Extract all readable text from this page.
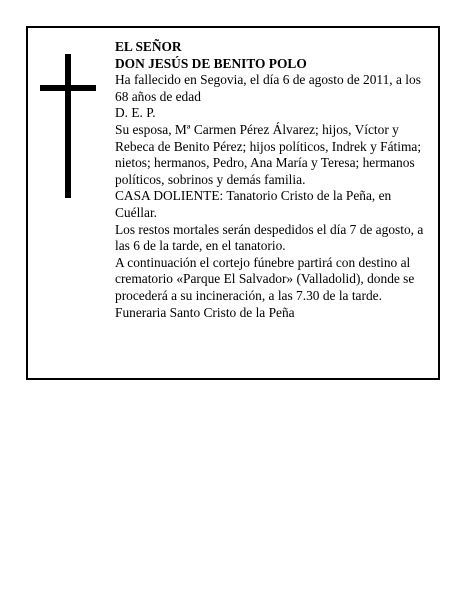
EL SEÑOR

DON JESÚS DE BENITO POLO

Ha fallecido en Segovia, el día 6 de agosto de 2011, a los 68 años de edad

D. E. P.

Su esposa, Mª Carmen Pérez Álvarez; hijos, Víctor y Rebeca de Benito Pérez; hijos políticos, Indrek y Fátima; nietos; hermanos, Pedro, Ana María y Teresa; hermanos políticos, sobrinos y demás familia.

CASA DOLIENTE: Tanatorio Cristo de la Peña, en Cuéllar.

Los restos mortales serán despedidos el día 7 de agosto, a las 6 de la tarde, en el tanatorio.

A continuación el cortejo fúnebre partirá con destino al crematorio «Parque El Salvador» (Valladolid), donde se procederá a su incineración, a las 7.30 de la tarde.

Funeraria Santo Cristo de la Peña
